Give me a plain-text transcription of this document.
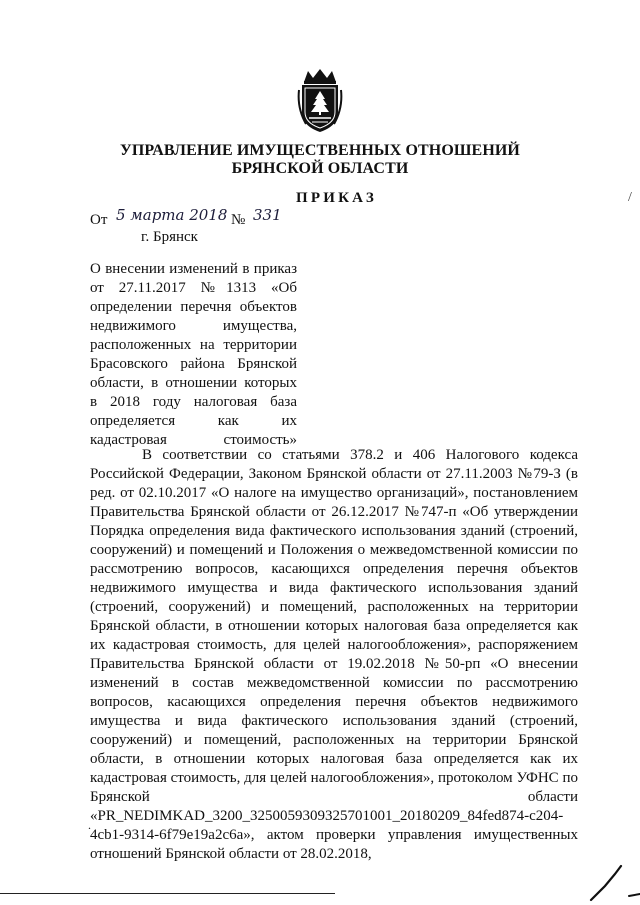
УПРАВЛЕНИЕ ИМУЩЕСТВЕННЫХ ОТНОШЕНИЙ
БРЯНСКОЙ ОБЛАСТИ
ПРИКАЗ
От 5 марта 2018 № 331
г. Брянск
О внесении изменений в приказ от 27.11.2017 №1313 «Об определении перечня объектов недвижимого имущества, расположенных на территории Брасовского района Брянской области, в отношении которых в 2018 году налоговая база определяется как их кадастровая стоимость»
В соответствии со статьями 378.2 и 406 Налогового кодекса Российской Федерации, Законом Брянской области от 27.11.2003 №79-З (в ред. от 02.10.2017 «О налоге на имущество организаций», постановлением Правительства Брянской области от 26.12.2017 №747-п «Об утверждении Порядка определения вида фактического использования зданий (строений, сооружений) и помещений и Положения о межведомственной комиссии по рассмотрению вопросов, касающихся определения перечня объектов недвижимого имущества и вида фактического использования зданий (строений, сооружений) и помещений, расположенных на территории Брянской области, в отношении которых налоговая база определяется как их кадастровая стоимость, для целей налогообложения», распоряжением Правительства Брянской области от 19.02.2018 №50-рп «О внесении изменений в состав межведомственной комиссии по рассмотрению вопросов, касающихся определения перечня объектов недвижимого имущества и вида фактического использования зданий (строений, сооружений) и помещений, расположенных на территории Брянской области, в отношении которых налоговая база определяется как их кадастровая стоимость, для целей налогообложения», протоколом УФНС по Брянской области «PR_NEDIMKAD_3200_3250059309325701001_20180209_84fed874-c204-4cb1-9314-6f79e19a2c6a», актом проверки управления имущественных отношений Брянской области от 28.02.2018,
/
.
